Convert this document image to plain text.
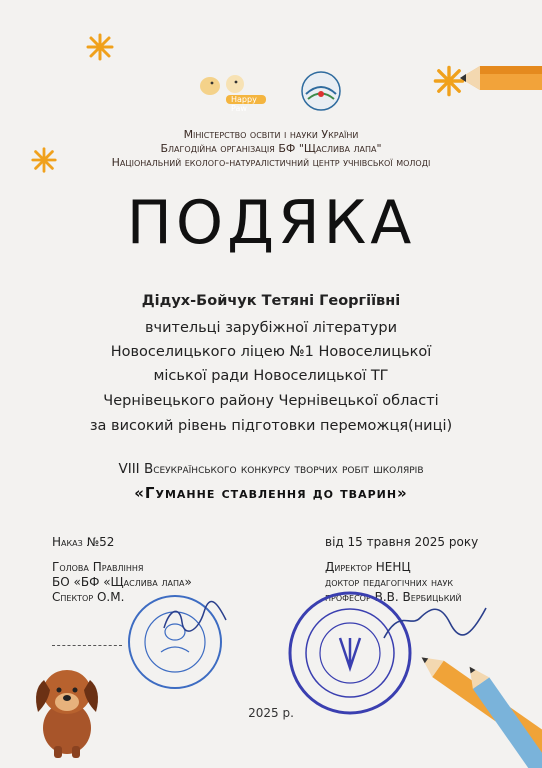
Happy Paw
Міністерство освіти і науки України
Благодійна організація БФ "Щаслива лапа"
Національний еколого-натуралістичний центр учнівської молоді
ПОДЯКА
Дідух-Бойчук Тетяні Георгіївні
вчительці зарубіжної літератури
Новоселицького ліцею №1 Новоселицької
міської ради Новоселицької ТГ
Чернівецького району Чернівецької області
за високий рівень підготовки переможця(ниці)
VIII Всеукраїнського конкурсу творчих робіт школярів
«Гуманне ставлення до тварин»
Наказ №52	від 15 травня 2025 року
Голова Правління
БО «БФ «Щаслива лапа»
Спектор О.М.
Директор НЕНЦ
доктор педагогічних наук
професор В.В. Вербицький
2025 р.
